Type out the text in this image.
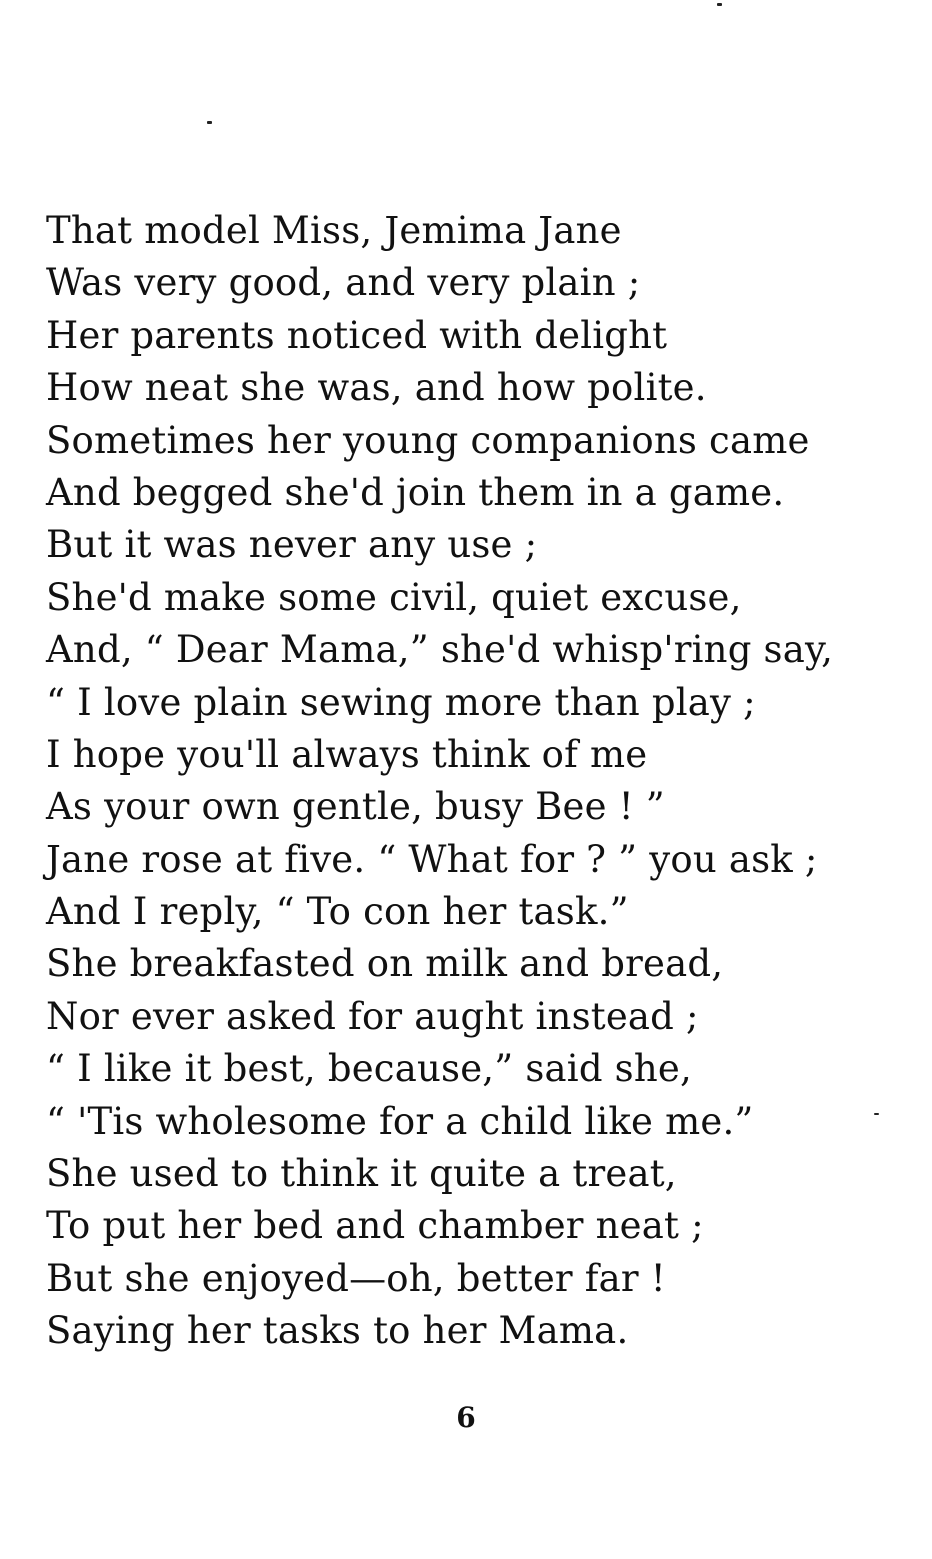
That model Miss, Jemima Jane
Was very good, and very plain ;
Her parents noticed with delight
How neat she was, and how polite.
Sometimes her young companions came
And begged she'd join them in a game.
But it was never any use ;
She'd make some civil, quiet excuse,
And, “ Dear Mama,” she'd whisp'ring say,
“ I love plain sewing more than play ;
I hope you'll always think of me
As your own gentle, busy Bee ! ”
Jane rose at five. “ What for ? ” you ask ;
And I reply, “ To con her task.”
She breakfasted on milk and bread,
Nor ever asked for aught instead ;
“ I like it best, because,” said she,
“ 'Tis wholesome for a child like me.”
She used to think it quite a treat,
To put her bed and chamber neat ;
But she enjoyed—oh, better far !
Saying her tasks to her Mama.
6
